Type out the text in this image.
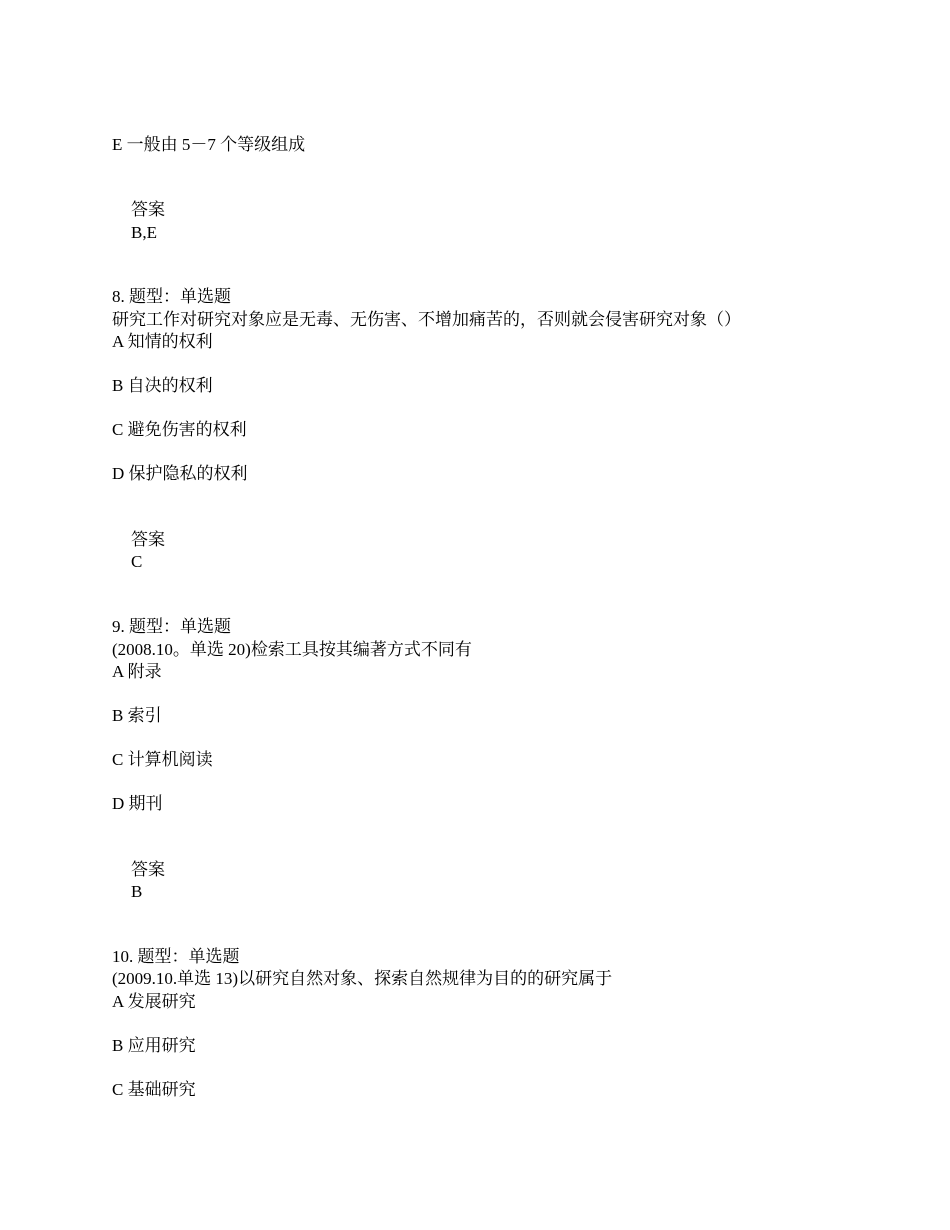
E 一般由 5－7 个等级组成
答案
B,E
8. 题型：单选题
研究工作对研究对象应是无毒、无伤害、不增加痛苦的，否则就会侵害研究对象（）
A 知情的权利
B 自决的权利
C 避免伤害的权利
D 保护隐私的权利
答案
C
9. 题型：单选题
(2008.10。单选 20)检索工具按其编著方式不同有
A 附录
B 索引
C 计算机阅读
D 期刊
答案
B
10. 题型：单选题
(2009.10.单选 13)以研究自然对象、探索自然规律为目的的研究属于
A 发展研究
B 应用研究
C 基础研究
